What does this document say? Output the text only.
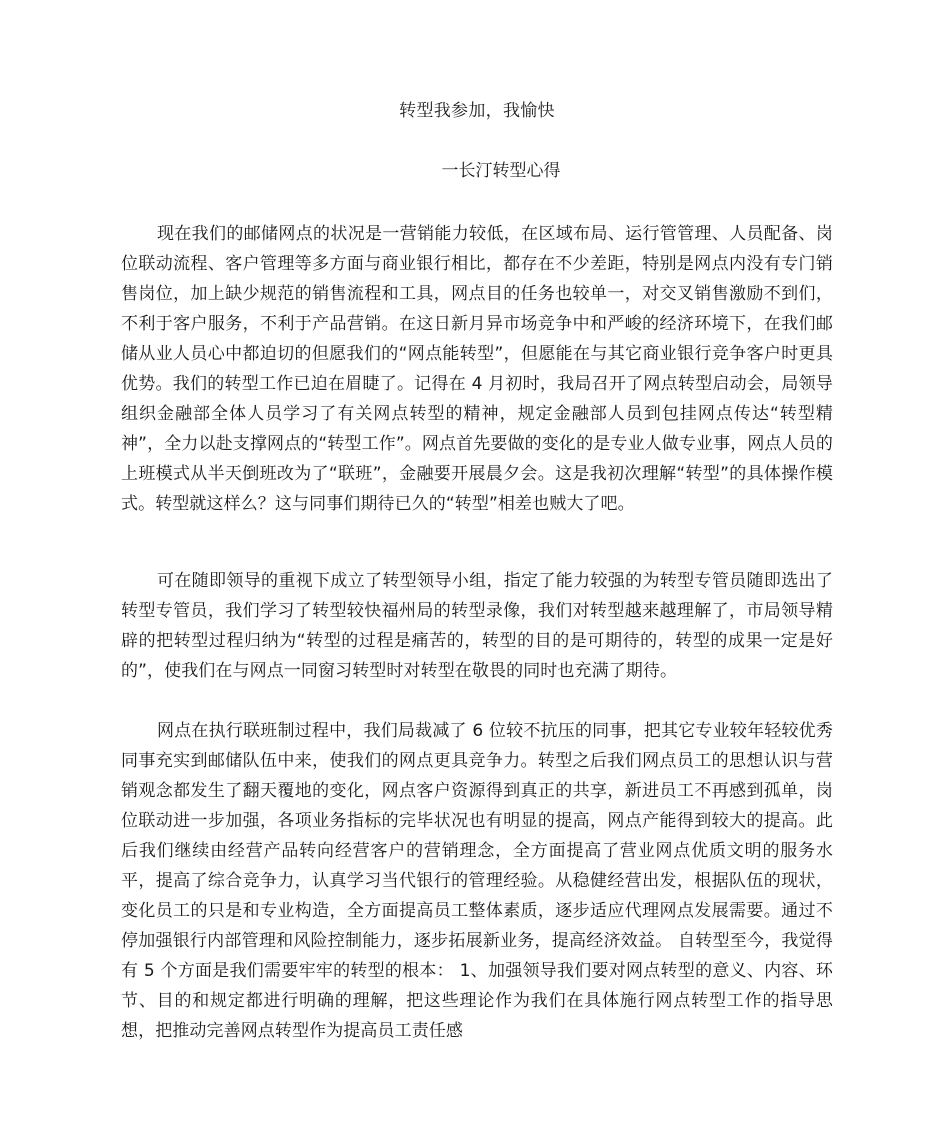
转型我参加，我愉快
一长汀转型心得

现在我们的邮储网点的状况是一营销能力较低，在区域布局、运行管管理、人员配备、岗位联动流程、客户管理等多方面与商业银行相比，都存在不少差距，特别是网点内没有专门销售岗位，加上缺少规范的销售流程和工具，网点目的任务也较单一，对交叉销售激励不到们，不利于客户服务，不利于产品营销。在这日新月异市场竞争中和严峻的经济环境下，在我们邮储从业人员心中都迫切的但愿我们的“网点能转型”，但愿能在与其它商业银行竞争客户时更具优势。我们的转型工作已迫在眉睫了。记得在 4 月初时，我局召开了网点转型启动会，局领导组织金融部全体人员学习了有关网点转型的精神，规定金融部人员到包挂网点传达“转型精神”，全力以赴支撑网点的“转型工作”。网点首先要做的变化的是专业人做专业事，网点人员的上班模式从半天倒班改为了“联班”，金融要开展晨夕会。这是我初次理解“转型”的具体操作模式。转型就这样么？这与同事们期待已久的“转型”相差也贼大了吧。

可在随即领导的重视下成立了转型领导小组，指定了能力较强的为转型专管员随即选出了转型专管员，我们学习了转型较快福州局的转型录像，我们对转型越来越理解了，市局领导精辟的把转型过程归纳为“转型的过程是痛苦的，转型的目的是可期待的，转型的成果一定是好的”，使我们在与网点一同窗习转型时对转型在敬畏的同时也充满了期待。

网点在执行联班制过程中，我们局裁减了 6 位较不抗压的同事，把其它专业较年轻较优秀同事充实到邮储队伍中来，使我们的网点更具竞争力。转型之后我们网点员工的思想认识与营销观念都发生了翻天覆地的变化，网点客户资源得到真正的共享，新进员工不再感到孤单，岗位联动进一步加强，各项业务指标的完毕状况也有明显的提高，网点产能得到较大的提高。此后我们继续由经营产品转向经营客户的营销理念，全方面提高了营业网点优质文明的服务水平，提高了综合竞争力，认真学习当代银行的管理经验。从稳健经营出发，根据队伍的现状，变化员工的只是和专业构造，全方面提高员工整体素质，逐步适应代理网点发展需要。通过不停加强银行内部管理和风险控制能力，逐步拓展新业务，提高经济效益。 自转型至今，我觉得有 5 个方面是我们需要牢牢的转型的根本： 1、加强领导我们要对网点转型的意义、内容、环节、目的和规定都进行明确的理解，把这些理论作为我们在具体施行网点转型工作的指导思想，把推动完善网点转型作为提高员工责任感
